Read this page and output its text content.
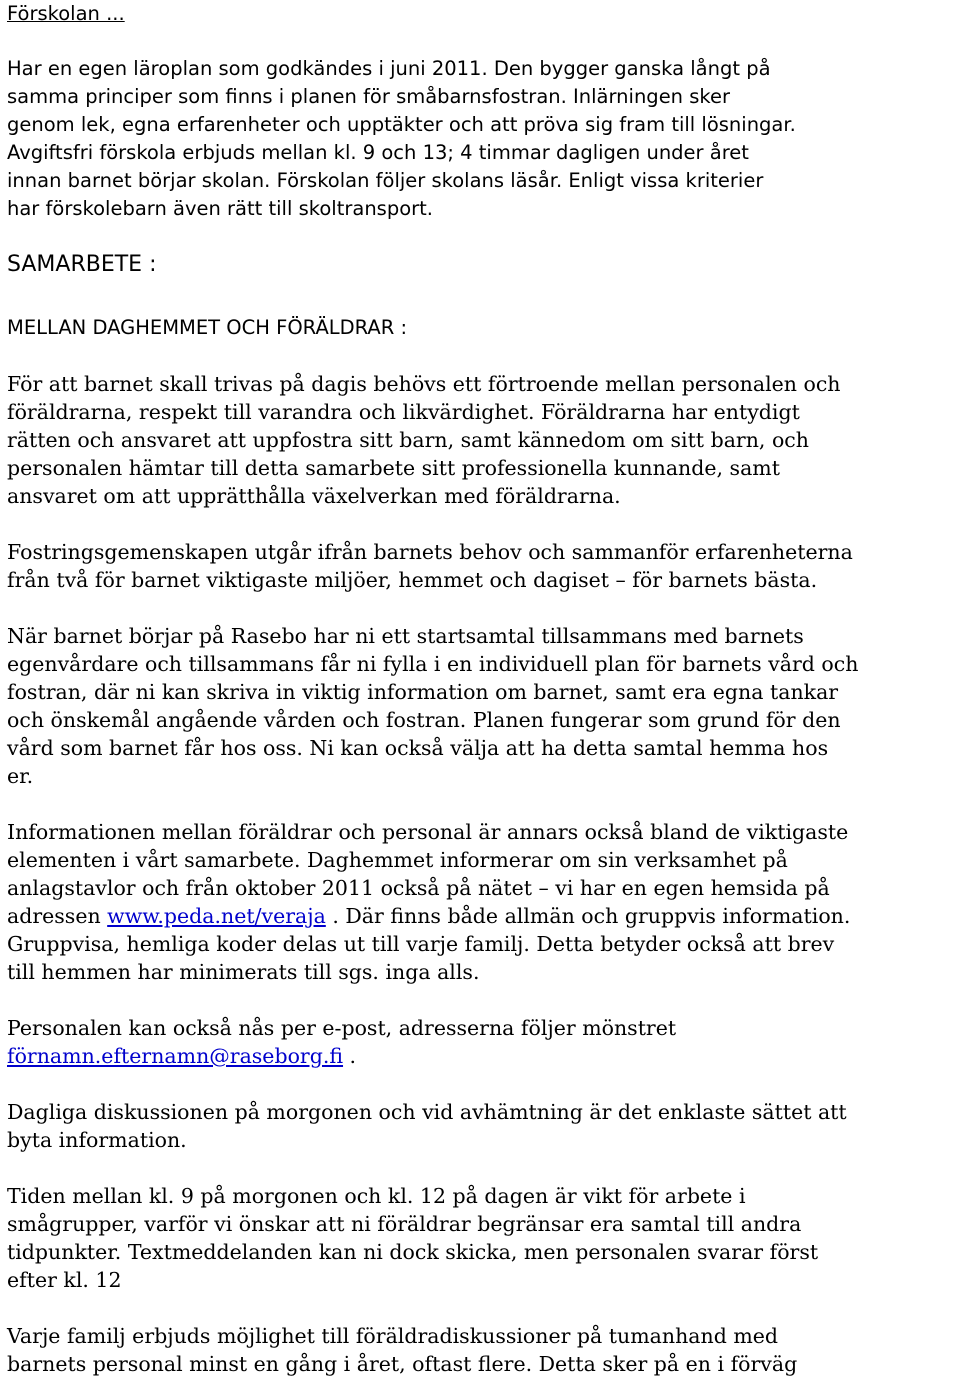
Förskolan ...
Har en egen läroplan som godkändes i juni 2011. Den bygger ganska långt på
samma principer som finns i planen för småbarnsfostran. Inlärningen sker
genom lek, egna erfarenheter och upptäkter och att pröva sig fram till lösningar.
Avgiftsfri förskola erbjuds mellan kl. 9 och 13; 4 timmar dagligen under året
innan barnet börjar skolan. Förskolan följer skolans läsår. Enligt vissa kriterier
har förskolebarn även rätt till skoltransport.
SAMARBETE :
MELLAN DAGHEMMET OCH FÖRÄLDRAR :
För att barnet skall trivas på dagis behövs ett förtroende mellan personalen och
föräldrarna, respekt till varandra och likvärdighet. Föräldrarna har entydigt
rätten och ansvaret att uppfostra sitt barn, samt kännedom om sitt barn, och
personalen hämtar till detta samarbete sitt professionella kunnande, samt
ansvaret om att upprätthålla växelverkan med föräldrarna.
Fostringsgemenskapen utgår ifrån barnets behov och sammanför erfarenheterna
från två för barnet viktigaste miljöer, hemmet och dagiset – för barnets bästa.
När barnet börjar på Rasebo har ni ett startsamtal tillsammans med barnets
egenvårdare och tillsammans får ni fylla i en individuell plan för barnets vård och
fostran, där ni kan skriva in viktig information om barnet, samt era egna tankar
och önskemål angående vården och fostran. Planen fungerar som grund för den
vård som barnet får hos oss. Ni kan också välja att ha detta samtal hemma hos
er.
Informationen mellan föräldrar och personal är annars också bland de viktigaste
elementen i vårt samarbete. Daghemmet informerar om sin verksamhet på
anlagstavlor och från oktober 2011 också på nätet – vi har en egen hemsida på
adressen www.peda.net/veraja . Där finns både allmän och gruppvis information.
Gruppvisa, hemliga koder delas ut till varje familj. Detta betyder också att brev
till hemmen har minimerats till sgs. inga alls.
Personalen kan också nås per e-post, adresserna följer mönstret
förnamn.efternamn@raseborg.fi .
Dagliga diskussionen på morgonen och vid avhämtning är det enklaste sättet att
byta information.
Tiden mellan kl. 9 på morgonen och kl. 12 på dagen är vikt för arbete i
smågrupper, varför vi önskar att ni föräldrar begränsar era samtal till andra
tidpunkter. Textmeddelanden kan ni dock skicka, men personalen svarar först
efter kl. 12
Varje familj erbjuds möjlighet till föräldradiskussioner på tumanhand med
barnets personal minst en gång i året, oftast flere. Detta sker på en i förväg
